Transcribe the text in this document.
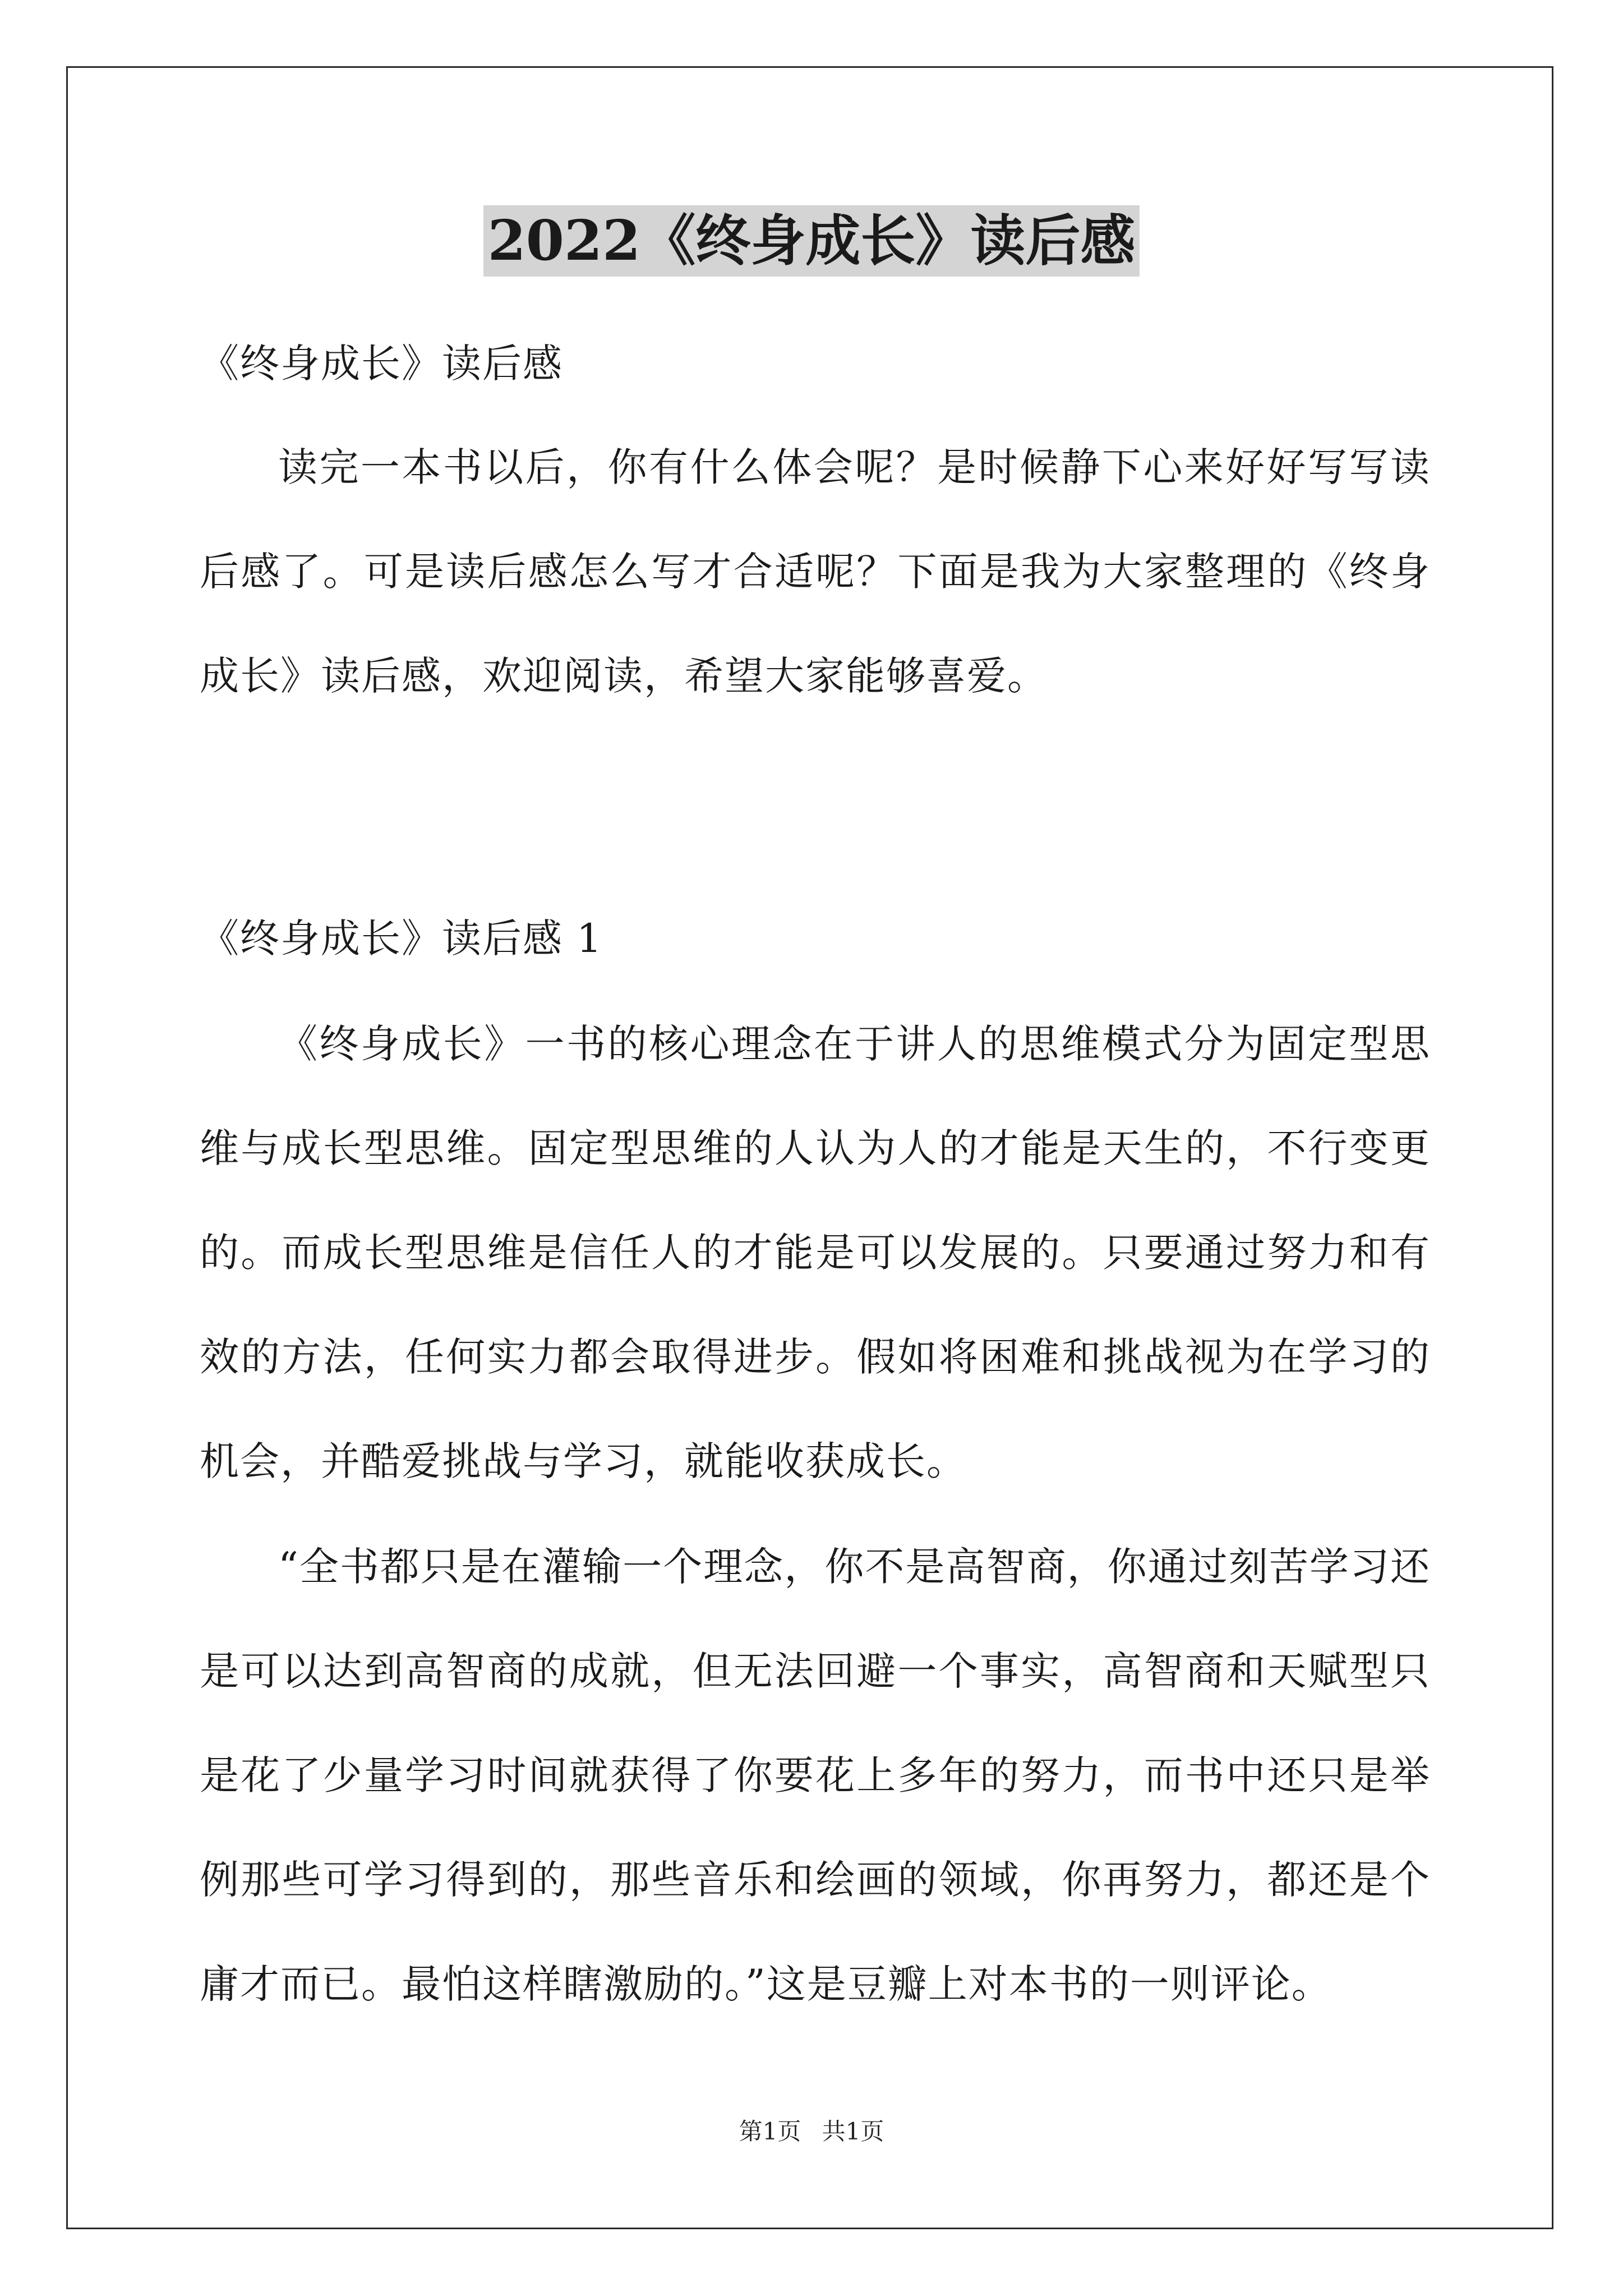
2022《终身成长》读后感
《终身成长》读后感

读完一本书以后，你有什么体会呢？是时候静下心来好好写写读后感了。可是读后感怎么写才合适呢？下面是我为大家整理的《终身成长》读后感，欢迎阅读，希望大家能够喜爱。

《终身成长》读后感 1

《终身成长》一书的核心理念在于讲人的思维模式分为固定型思维与成长型思维。固定型思维的人认为人的才能是天生的，不行变更的。而成长型思维是信任人的才能是可以发展的。只要通过努力和有效的方法，任何实力都会取得进步。假如将困难和挑战视为在学习的机会，并酷爱挑战与学习，就能收获成长。

“全书都只是在灌输一个理念，你不是高智商，你通过刻苦学习还是可以达到高智商的成就，但无法回避一个事实，高智商和天赋型只是花了少量学习时间就获得了你要花上多年的努力，而书中还只是举例那些可学习得到的，那些音乐和绘画的领域，你再努力，都还是个庸才而已。最怕这样瞎激励的。”这是豆瓣上对本书的一则评论。

第1页 共1页
